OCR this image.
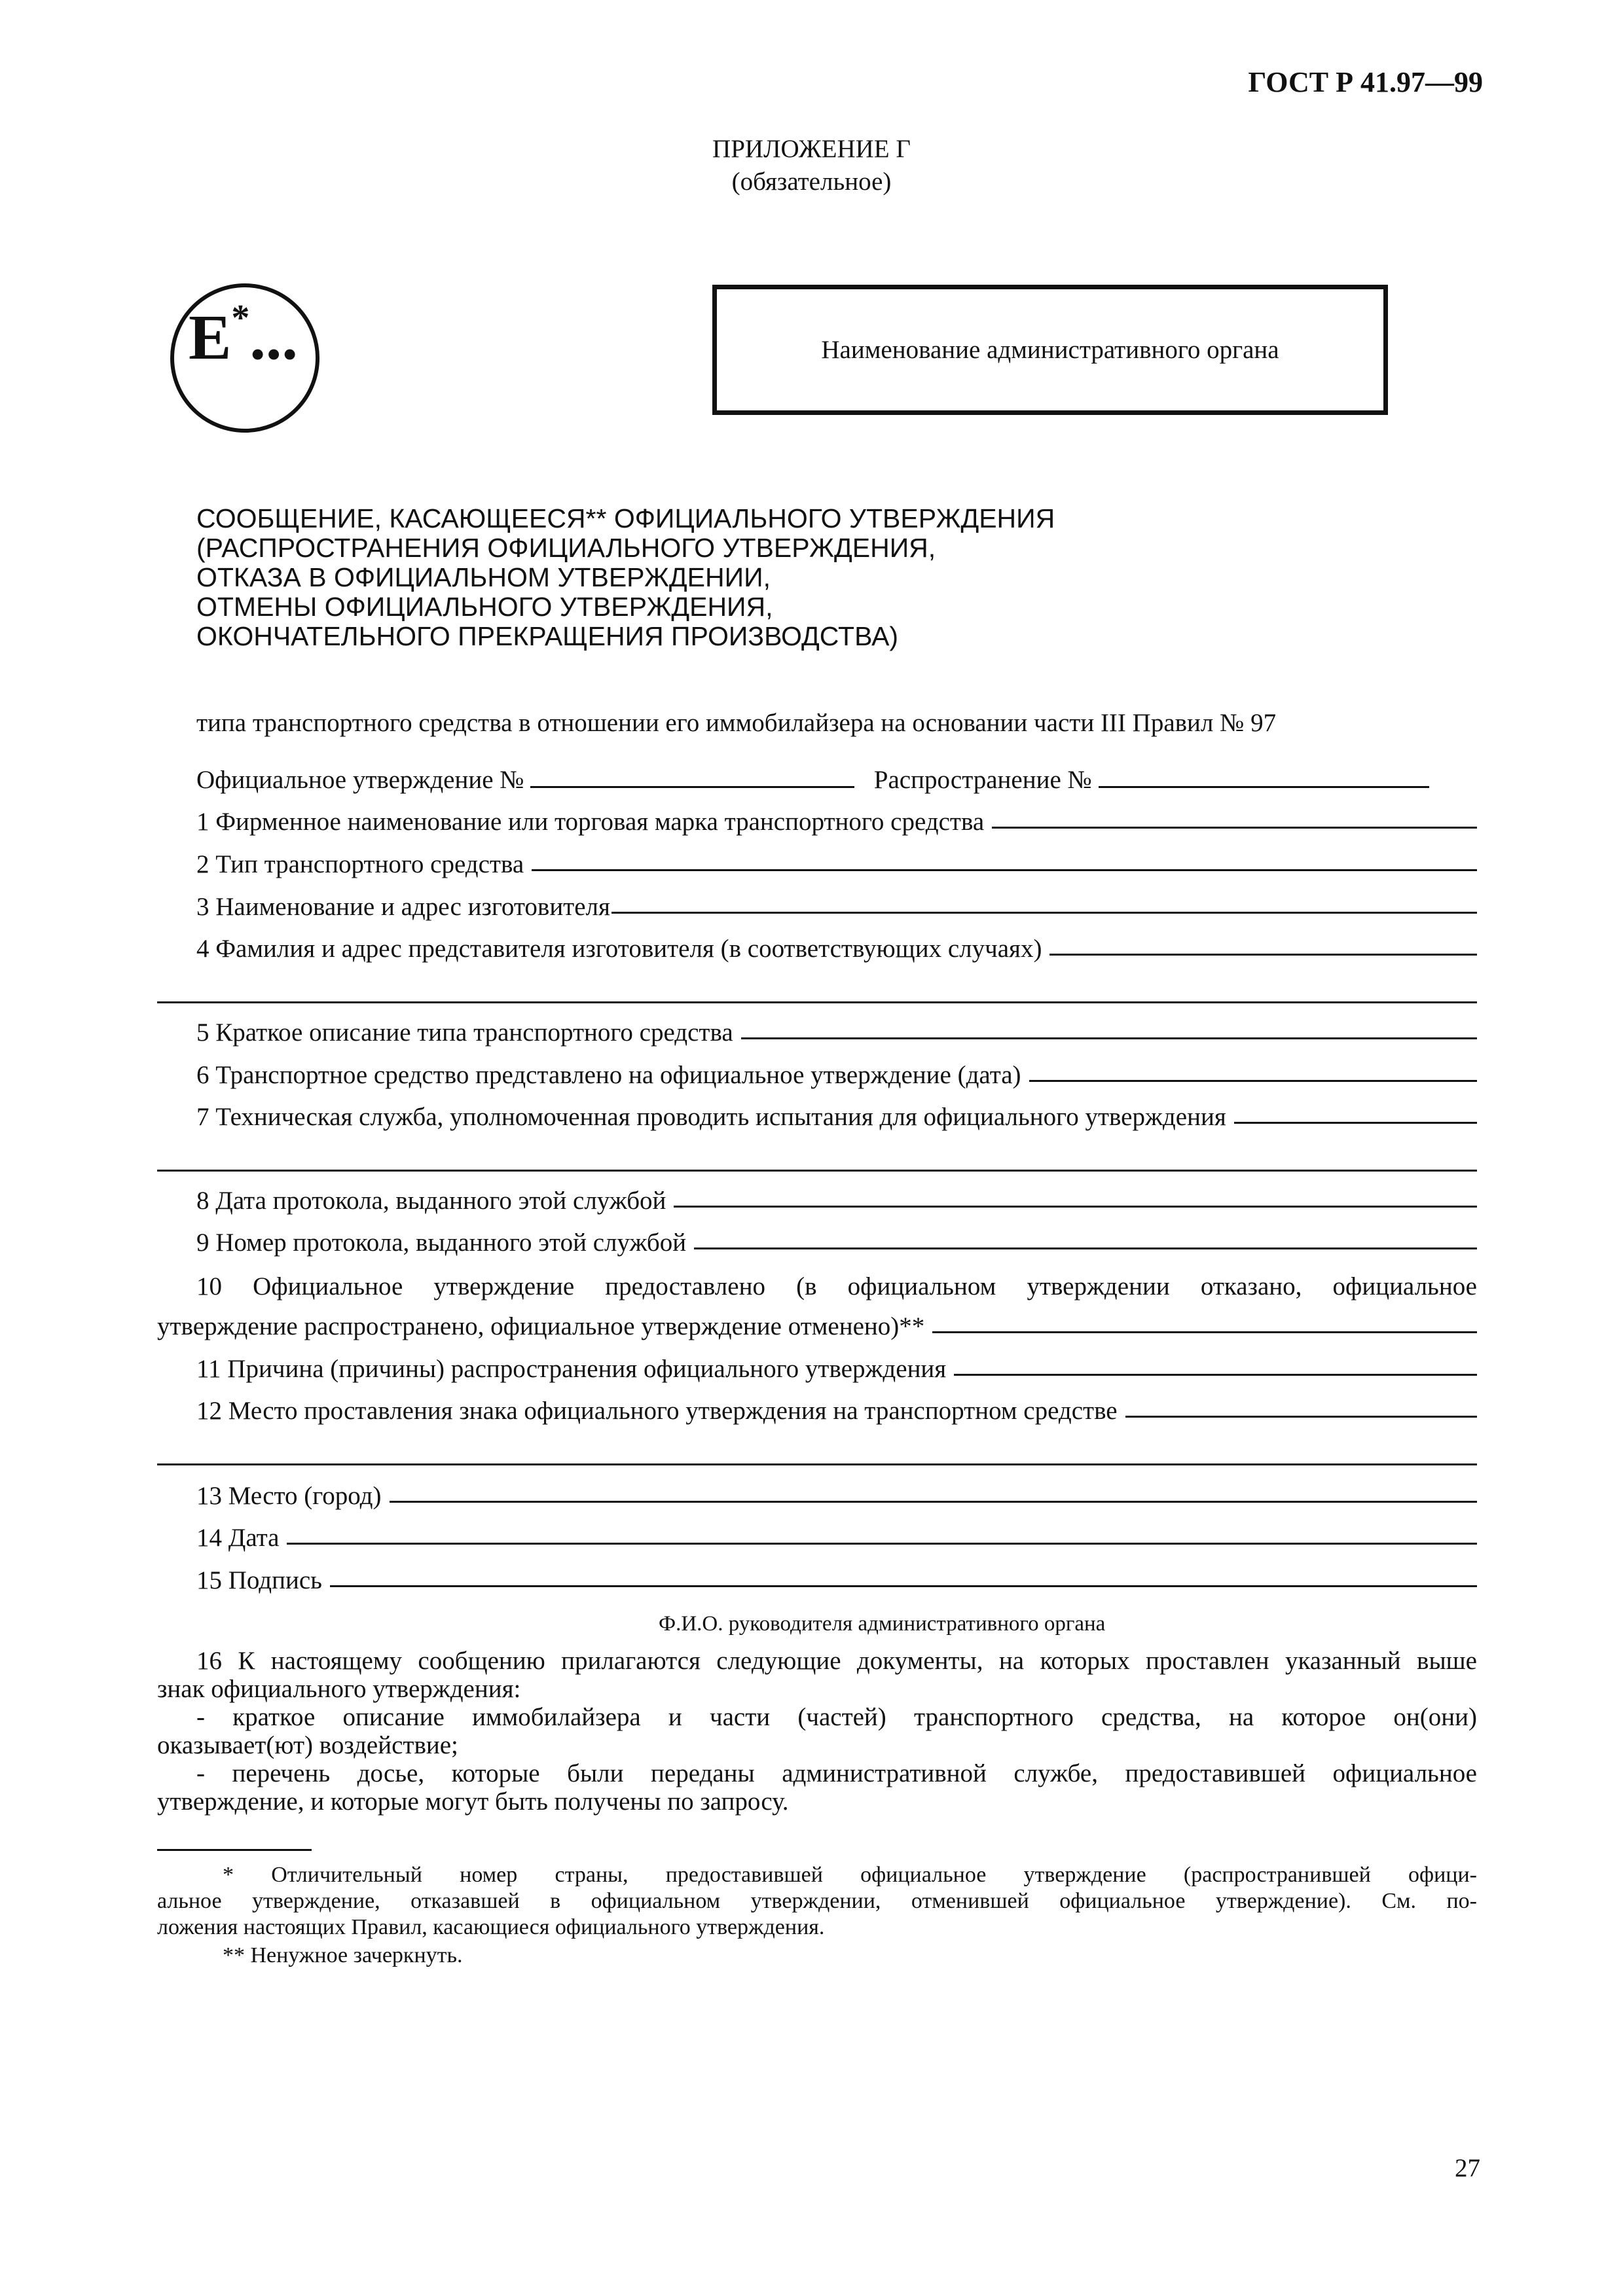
ГОСТ Р 41.97—99
ПРИЛОЖЕНИЕ Г
(обязательное)
E*...	Наименование административного органа
СООБЩЕНИЕ, КАСАЮЩЕЕСЯ** ОФИЦИАЛЬНОГО УТВЕРЖДЕНИЯ
(РАСПРОСТРАНЕНИЯ ОФИЦИАЛЬНОГО УТВЕРЖДЕНИЯ,
ОТКАЗА В ОФИЦИАЛЬНОМ УТВЕРЖДЕНИИ,
ОТМЕНЫ ОФИЦИАЛЬНОГО УТВЕРЖДЕНИЯ,
ОКОНЧАТЕЛЬНОГО ПРЕКРАЩЕНИЯ ПРОИЗВОДСТВА)
типа транспортного средства в отношении его иммобилайзера на основании части III Правил № 97
Официальное утверждение №	Распространение №
1 Фирменное наименование или торговая марка транспортного средства
2 Тип транспортного средства
3 Наименование и адрес изготовителя
4 Фамилия и адрес представителя изготовителя (в соответствующих случаях)
5 Краткое описание типа транспортного средства
6 Транспортное средство представлено на официальное утверждение (дата)
7 Техническая служба, уполномоченная проводить испытания для официального утверждения
8 Дата протокола, выданного этой службой
9 Номер протокола, выданного этой службой
10 Официальное утверждение предоставлено (в официальном утверждении отказано, официальное
утверждение распространено, официальное утверждение отменено)**
11 Причина (причины) распространения официального утверждения
12 Место проставления знака официального утверждения на транспортном средстве
13 Место (город)
14 Дата
15 Подпись
Ф.И.О. руководителя административного органа
16 К настоящему сообщению прилагаются следующие документы, на которых проставлен указанный выше
знак официального утверждения:
- краткое описание иммобилайзера и части (частей) транспортного средства, на которое он(они)
оказывает(ют) воздействие;
- перечень досье, которые были переданы административной службе, предоставившей официальное
утверждение, и которые могут быть получены по запросу.
* Отличительный номер страны, предоставившей официальное утверждение (распространившей офици-
альное утверждение, отказавшей в официальном утверждении, отменившей официальное утверждение). См. по-
ложения настоящих Правил, касающиеся официального утверждения.
** Ненужное зачеркнуть.
27
